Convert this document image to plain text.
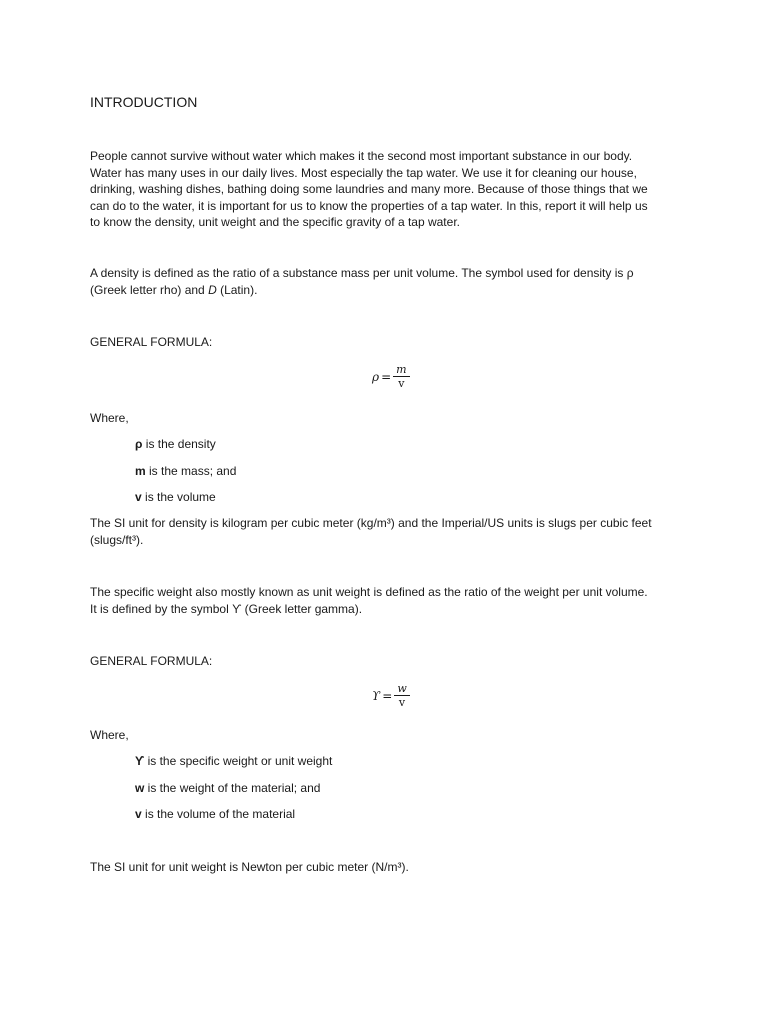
INTRODUCTION
People cannot survive without water which makes it the second most important substance in our body.
Water has many uses in our daily lives. Most especially the tap water. We use it for cleaning our house,
drinking, washing dishes, bathing doing some laundries and many more. Because of those things that we
can do to the water, it is important for us to know the properties of a tap water. In this, report it will help us
to know the density, unit weight and the specific gravity of a tap water.
A density is defined as the ratio of a substance mass per unit volume. The symbol used for density is ρ
(Greek letter rho) and D (Latin).
GENERAL FORMULA:
$\rho = \frac{m}{v}$
Where,
ρ is the density
m is the mass; and
v is the volume
The SI unit for density is kilogram per cubic meter (kg/m³) and the Imperial/US units is slugs per cubic feet
(slugs/ft³).
The specific weight also mostly known as unit weight is defined as the ratio of the weight per unit volume.
It is defined by the symbol ϒ (Greek letter gamma).
GENERAL FORMULA:
$ϒ = \frac{w}{v}$
Where,
ϒ is the specific weight or unit weight
w is the weight of the material; and
v is the volume of the material
The SI unit for unit weight is Newton per cubic meter (N/m³).
